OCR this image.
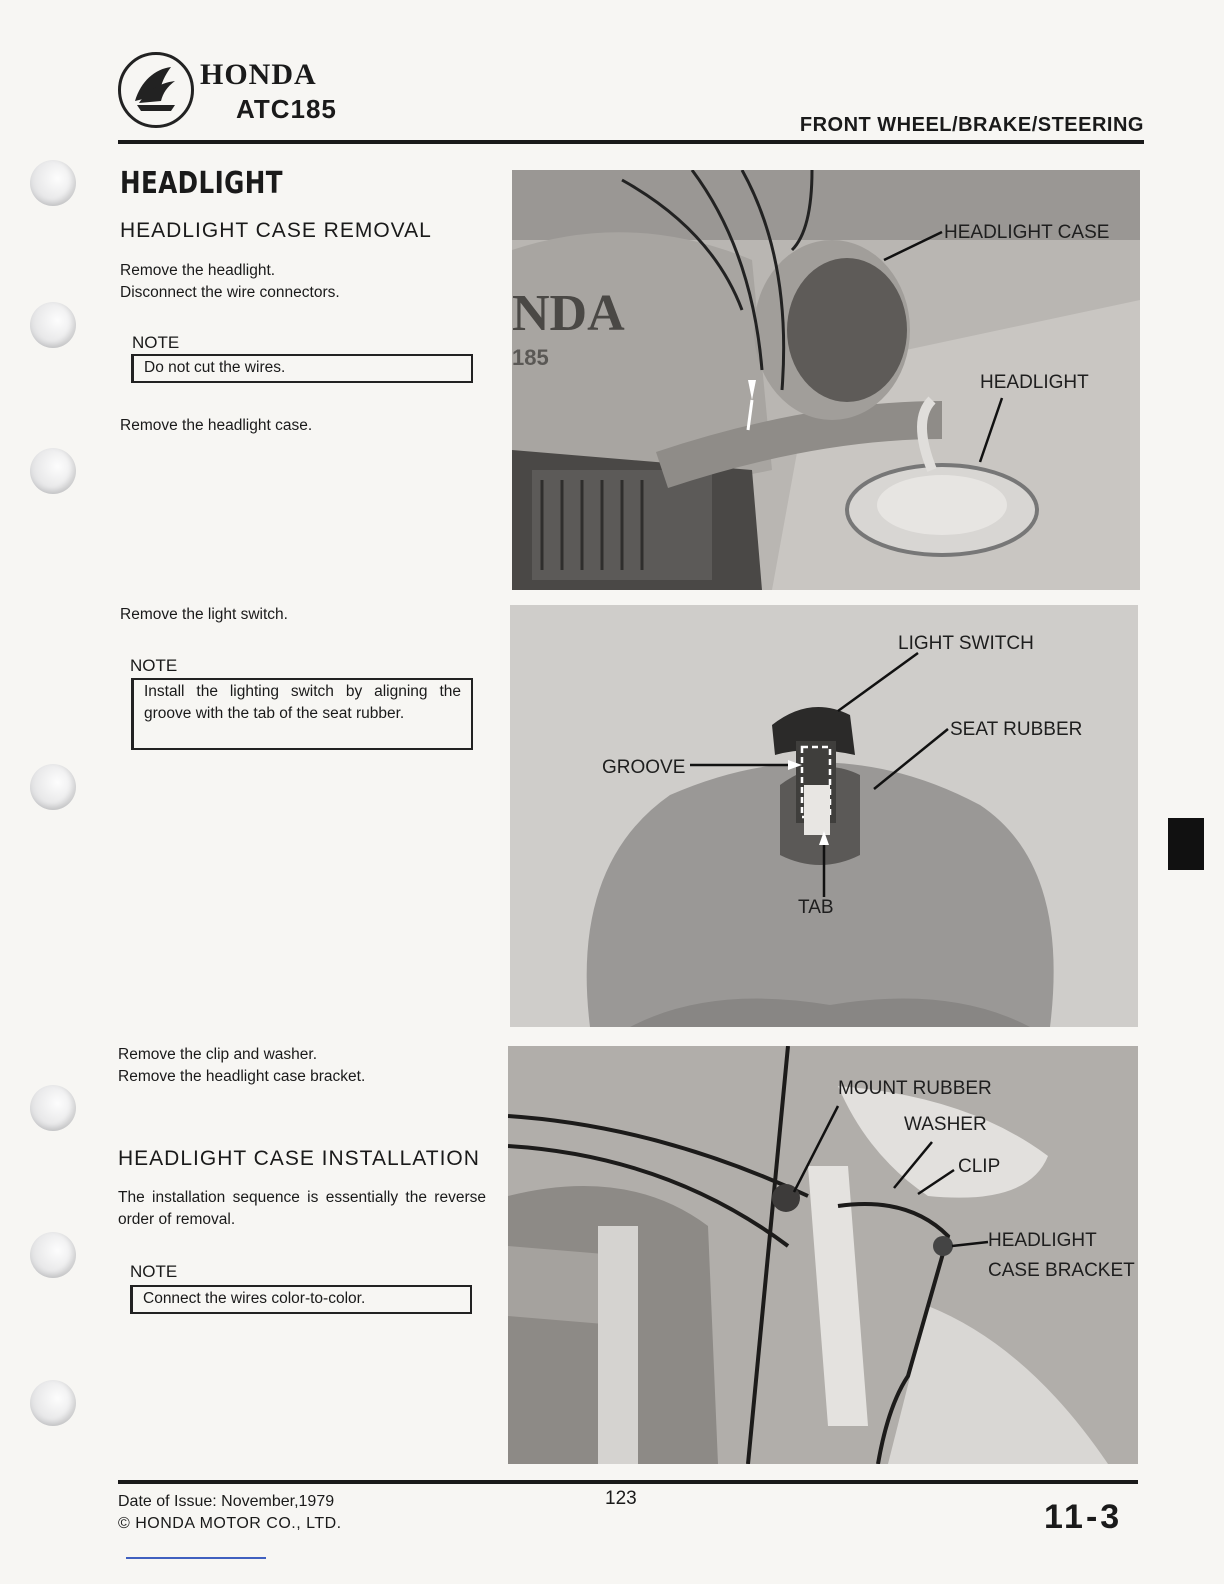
HONDA
ATC185
FRONT WHEEL/BRAKE/STEERING
HEADLIGHT
HEADLIGHT CASE REMOVAL
Remove the headlight.
Disconnect the wire connectors.
NOTE
Do not cut the wires.
Remove the headlight case.
Remove the light switch.
NOTE
Install the lighting switch by aligning the groove with the tab of the seat rubber.
Remove the clip and washer.
Remove the headlight case bracket.
HEADLIGHT CASE INSTALLATION
The installation sequence is essentially the reverse order of removal.
NOTE
Connect the wires color-to-color.
NDA
185
HEADLIGHT CASE
HEADLIGHT
LIGHT SWITCH
SEAT RUBBER
GROOVE
TAB
MOUNT RUBBER
WASHER
CLIP
HEADLIGHT
CASE BRACKET
Date of Issue: November,1979
© HONDA MOTOR CO., LTD.
123	11-3
